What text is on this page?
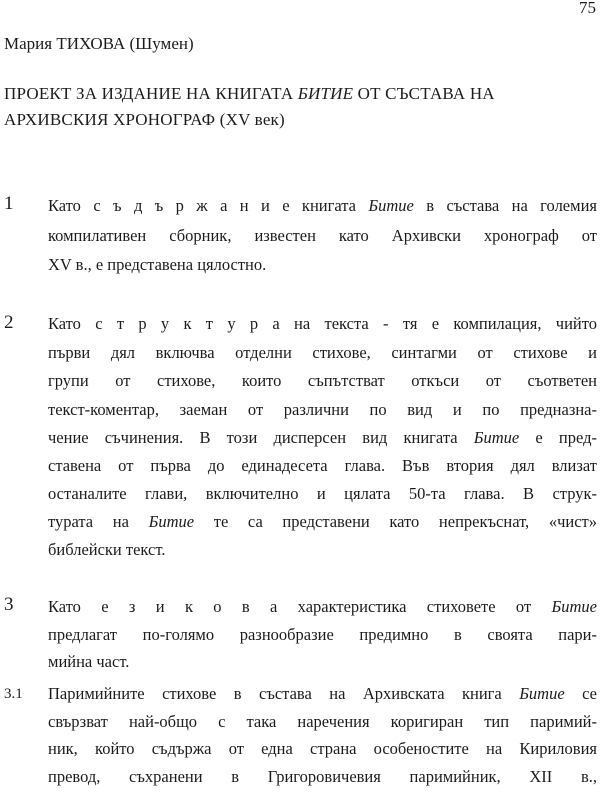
75
Мария ТИХОВА (Шумен)
ПРОЕКТ ЗА ИЗДАНИЕ НА КНИГАТА БИТИЕ ОТ СЪСТАВА НА
АРХИВСКИЯ ХРОНОГРАФ (XV век)
1 Като с ъ д ъ р ж а н и е книгата Битие в състава на големия
компилативен сборник, известен като Архивски хронограф от
XV в., е представена цялостно.
2 Като с т р у к т у р а на текста - тя е компилация, чийто
първи дял включва отделни стихове, синтагми от стихове и
групи от стихове, които съпътстват откъси от съответен
текст-коментар, заеман от различни по вид и по предназна-
чение съчинения. В този дисперсен вид книгата Битие е пред-
ставена от първа до единадесета глава. Във втория дял влизат
останалите глави, включително и цялата 50-та глава. В струк-
турата на Битие те са представени като непрекъснат, «чист»
библейски текст.
3 Като е з и к о в а характеристика стиховете от Битие
предлагат по-голямо разнообразие предимно в своята пари-
мийна част.
3.1 Паримийните стихове в състава на Архивската книга Битие се
свързват най-общо с така наречения коригиран тип паримий-
ник, който съдържа от една страна особеностите на Кириловия
превод, съхранени в Григоровичевия паримийник, XII в.,
